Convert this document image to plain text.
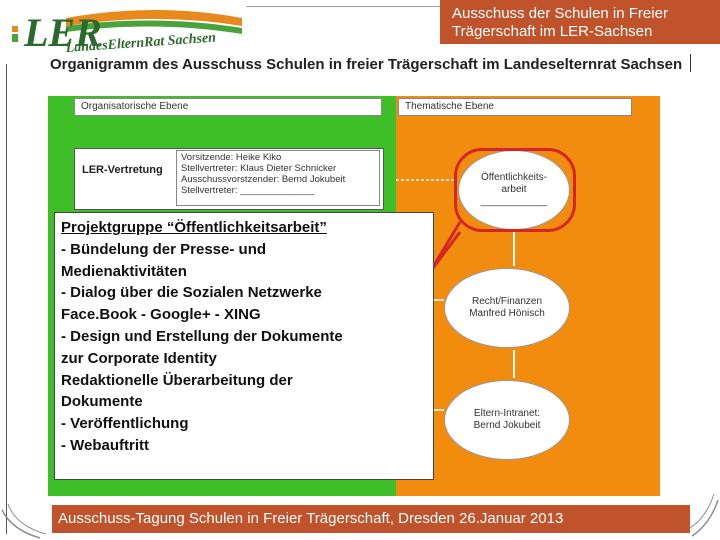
LER
LandesElternRat Sachsen
Ausschuss der Schulen in Freier
Trägerschaft im LER-Sachsen
Organigramm des Ausschuss Schulen in freier Trägerschaft im Landeselternrat Sachsen
Organisatorische Ebene	Thematische Ebene
LER-Vertretung
Vorsitzende: Heike Kiko
Stellvertreter: Klaus Dieter Schnicker
Ausschussvorstzender: Bernd Jokubeit
Stellvertreter: ______________
Öffentlichkeits-
arbeit
____________
Recht/Finanzen
Manfred Hönisch
Eltern-Intranet:
Bernd Jokubeit
Projektgruppe “Öffentlichkeitsarbeit”
- Bündelung der Presse- und
Medienaktivitäten
- Dialog über die Sozialen Netzwerke
Face.Book - Google+ - XING
- Design und Erstellung der Dokumente
zur Corporate Identity
Redaktionelle Überarbeitung der
Dokumente
- Veröffentlichung
- Webauftritt
Ausschuss-Tagung Schulen in Freier Trägerschaft, Dresden 26.Januar 2013
